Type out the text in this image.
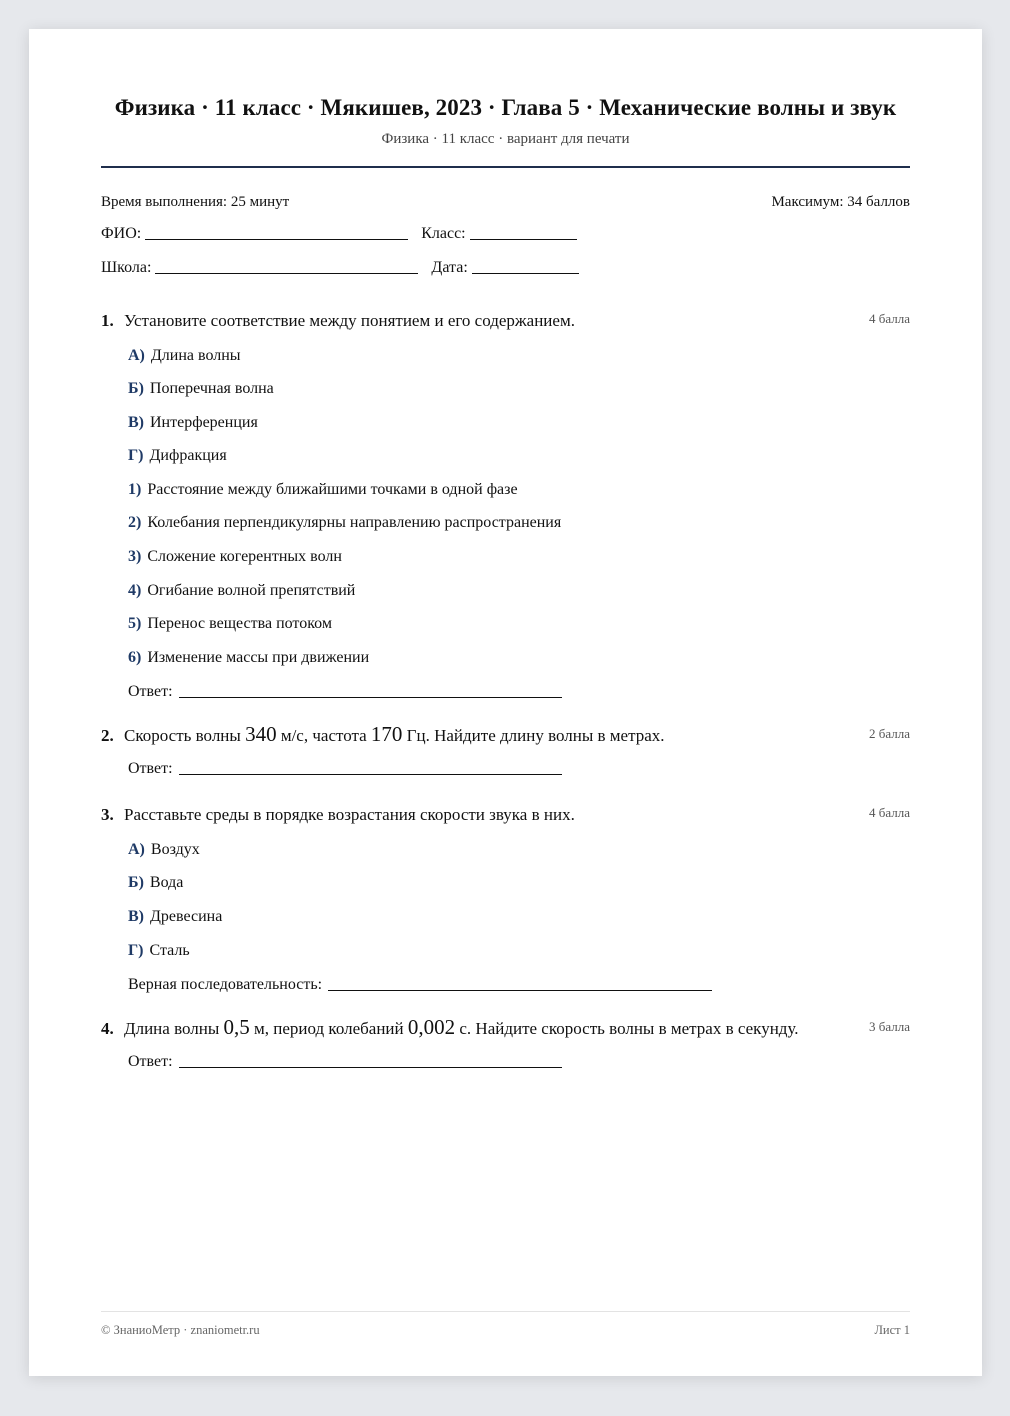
Физика · 11 класс · Мякишев, 2023 · Глава 5 · Механические волны и звук
Физика · 11 класс · вариант для печати
Время выполнения: 25 минут	Максимум: 34 баллов
ФИО:	Класс:
Школа:	Дата:
1. Установите соответствие между понятием и его содержанием.	4 балла
А) Длина волны
Б) Поперечная волна
В) Интерференция
Г) Дифракция
1) Расстояние между ближайшими точками в одной фазе
2) Колебания перпендикулярны направлению распространения
3) Сложение когерентных волн
4) Огибание волной препятствий
5) Перенос вещества потоком
6) Изменение массы при движении
Ответ:
2. Скорость волны 340 м/с, частота 170 Гц. Найдите длину волны в метрах.	2 балла
Ответ:
3. Расставьте среды в порядке возрастания скорости звука в них.	4 балла
А) Воздух
Б) Вода
В) Древесина
Г) Сталь
Верная последовательность:
4. Длина волны 0,5 м, период колебаний 0,002 с. Найдите скорость волны в метрах в секунду.	3 балла
Ответ:
© ЗнаниоМетр · znaniometr.ru	Лист 1
